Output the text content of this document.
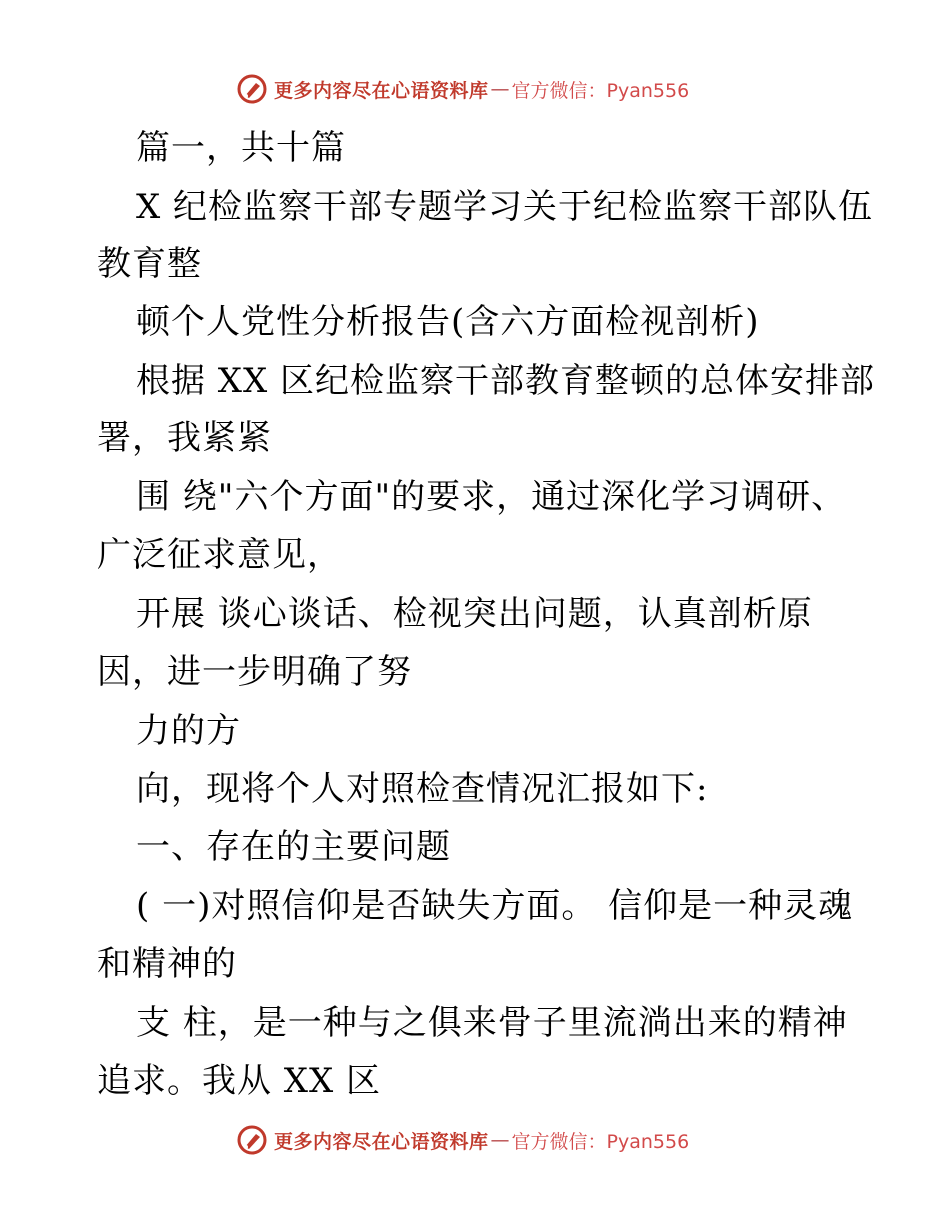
更多内容尽在心语资料库 — 官方微信：Pyan556
篇一，共十篇
X 纪检监察干部专题学习关于纪检监察干部队伍
教育整
顿个人党性分析报告(含六方面检视剖析)
根据 XX 区纪检监察干部教育整顿的总体安排部
署，我紧紧
围 绕"六个方面"的要求，通过深化学习调研、
广泛征求意见，
开展 谈心谈话、检视突出问题，认真剖析原
因，进一步明确了努
力的方
向，现将个人对照检查情况汇报如下:
一、存在的主要问题
( 一)对照信仰是否缺失方面。 信仰是一种灵魂
和精神的
支 柱，是一种与之俱来骨子里流淌出来的精神
追求。我从 XX 区
更多内容尽在心语资料库 — 官方微信：Pyan556
